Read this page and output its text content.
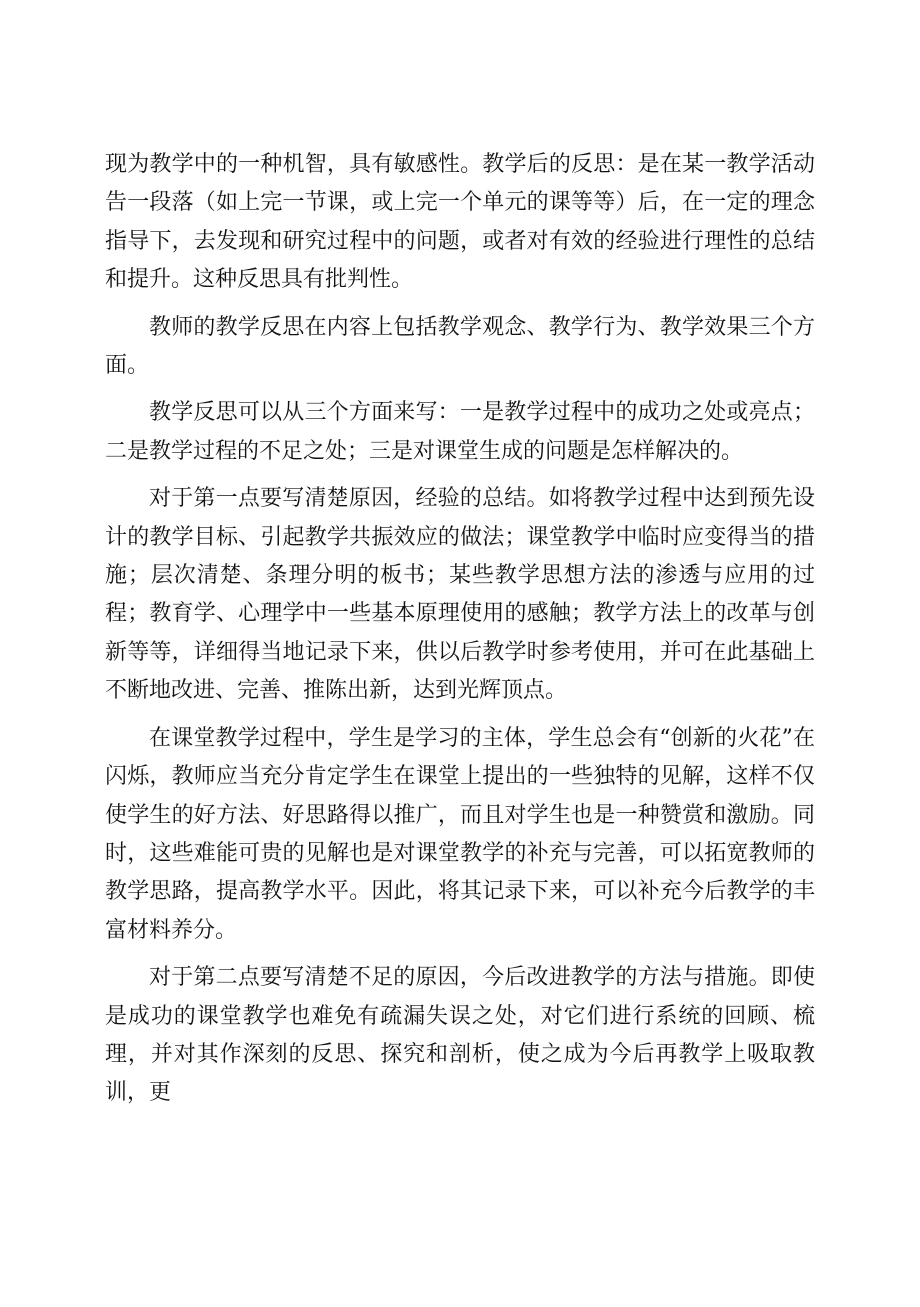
现为教学中的一种机智，具有敏感性。教学后的反思：是在某一教学活动告一段落（如上完一节课，或上完一个单元的课等等）后，在一定的理念指导下，去发现和研究过程中的问题，或者对有效的经验进行理性的总结和提升。这种反思具有批判性。

教师的教学反思在内容上包括教学观念、教学行为、教学效果三个方面。

教学反思可以从三个方面来写：一是教学过程中的成功之处或亮点；二是教学过程的不足之处；三是对课堂生成的问题是怎样解决的。

对于第一点要写清楚原因，经验的总结。如将教学过程中达到预先设计的教学目标、引起教学共振效应的做法；课堂教学中临时应变得当的措施；层次清楚、条理分明的板书；某些教学思想方法的渗透与应用的过程；教育学、心理学中一些基本原理使用的感触；教学方法上的改革与创新等等，详细得当地记录下来，供以后教学时参考使用，并可在此基础上不断地改进、完善、推陈出新，达到光辉顶点。

在课堂教学过程中，学生是学习的主体，学生总会有“创新的火花”在闪烁，教师应当充分肯定学生在课堂上提出的一些独特的见解，这样不仅使学生的好方法、好思路得以推广，而且对学生也是一种赞赏和激励。同时，这些难能可贵的见解也是对课堂教学的补充与完善，可以拓宽教师的教学思路，提高教学水平。因此，将其记录下来，可以补充今后教学的丰富材料养分。

对于第二点要写清楚不足的原因，今后改进教学的方法与措施。即使是成功的课堂教学也难免有疏漏失误之处，对它们进行系统的回顾、梳理，并对其作深刻的反思、探究和剖析，使之成为今后再教学上吸取教训，更
